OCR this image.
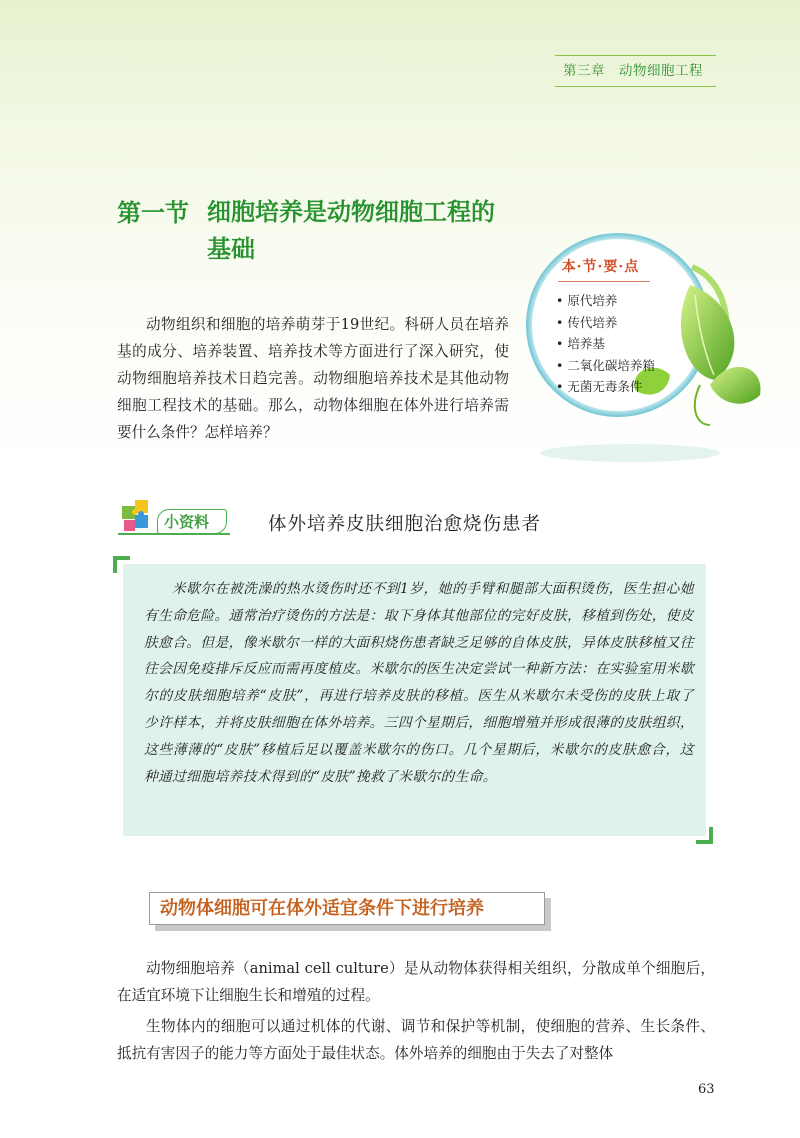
第三章 动物细胞工程
第一节 细胞培养是动物细胞工程的基础
本·节·要·点
• 原代培养
• 传代培养
• 培养基
• 二氧化碳培养箱
• 无菌无毒条件

动物组织和细胞的培养萌芽于19世纪。科研人员在培养基的成分、培养装置、培养技术等方面进行了深入研究，使动物细胞培养技术日趋完善。动物细胞培养技术是其他动物细胞工程技术的基础。那么，动物体细胞在体外进行培养需要什么条件？怎样培养？

小资料	体外培养皮肤细胞治愈烧伤患者

米歇尔在被洗澡的热水烫伤时还不到1岁，她的手臂和腿部大面积烫伤，医生担心她有生命危险。通常治疗烫伤的方法是：取下身体其他部位的完好皮肤，移植到伤处，使皮肤愈合。但是，像米歇尔一样的大面积烧伤患者缺乏足够的自体皮肤，异体皮肤移植又往往会因免疫排斥反应而需再度植皮。米歇尔的医生决定尝试一种新方法：在实验室用米歇尔的皮肤细胞培养“皮肤”，再进行培养皮肤的移植。医生从米歇尔未受伤的皮肤上取了少许样本，并将皮肤细胞在体外培养。三四个星期后，细胞增殖并形成很薄的皮肤组织，这些薄薄的“皮肤”移植后足以覆盖米歇尔的伤口。几个星期后，米歇尔的皮肤愈合，这种通过细胞培养技术得到的“皮肤”挽救了米歇尔的生命。

动物体细胞可在体外适宜条件下进行培养

动物细胞培养（animal cell culture）是从动物体获得相关组织，分散成单个细胞后，在适宜环境下让细胞生长和增殖的过程。

生物体内的细胞可以通过机体的代谢、调节和保护等机制，使细胞的营养、生长条件、抵抗有害因子的能力等方面处于最佳状态。体外培养的细胞由于失去了对整体

63
